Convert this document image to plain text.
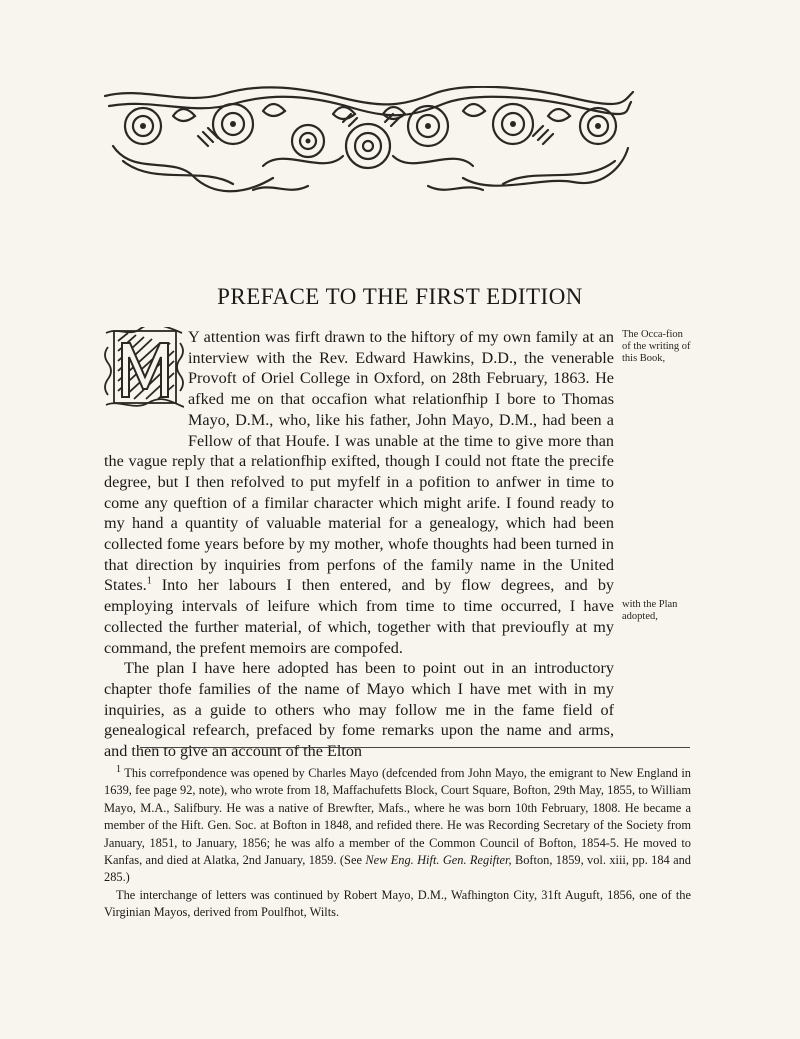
PREFACE TO THE FIRST EDITION

Y attention was firft drawn to the hiftory of my own family at an interview with the Rev. Edward Hawkins, D.D., the venerable Provoft of Oriel College in Oxford, on 28th February, 1863. He afked me on that occafion what relationfhip I bore to Thomas Mayo, D.M., who, like his father, John Mayo, D.M., had been a Fellow of that Houfe. I was unable at the time to give more than the vague reply that a relationfhip exifted, though I could not ftate the precife degree, but I then refolved to put myfelf in a pofition to anfwer in time to come any queftion of a fimilar character which might arife. I found ready to my hand a quantity of valuable material for a genealogy, which had been collected fome years before by my mother, whofe thoughts had been turned in that direction by inquiries from perfons of the family name in the United States.$^1$ Into her labours I then entered, and by flow degrees, and by employing intervals of leifure which from time to time occurred, I have collected the further material, of which, together with that previoufly at my command, the prefent memoirs are compofed.

The plan I have here adopted has been to point out in an introductory chapter thofe families of the name of Mayo which I have met with in my inquiries, as a guide to others who may follow me in the fame field of genealogical refearch, prefaced by fome remarks upon the name and arms, and then to give an account of the Elton

The Occa-fion of the writing of this Book,
with the Plan adopted,

$^1$ This correfpondence was opened by Charles Mayo (defcended from John Mayo, the emigrant to New England in 1639, fee page 92, note), who wrote from 18, Maffachufetts Block, Court Square, Bofton, 29th May, 1855, to William Mayo, M.A., Salifbury. He was a native of Brewfter, Mafs., where he was born 10th February, 1808. He became a member of the Hift. Gen. Soc. at Bofton in 1848, and refided there. He was Recording Secretary of the Society from January, 1851, to January, 1856; he was alfo a member of the Common Council of Bofton, 1854-5. He moved to Kanfas, and died at Alatka, 2nd January, 1859. (See New Eng. Hift. Gen. Regifter, Bofton, 1859, vol. xiii, pp. 184 and 285.)

The interchange of letters was continued by Robert Mayo, D.M., Wafhington City, 31ft Auguft, 1856, one of the Virginian Mayos, derived from Poulfhot, Wilts.
